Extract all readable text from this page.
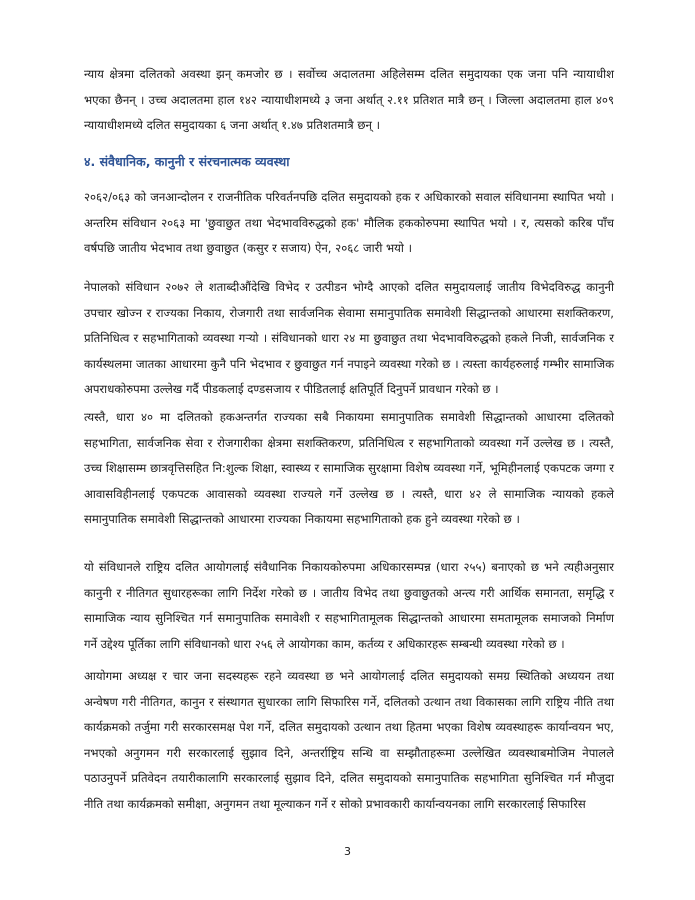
न्याय क्षेत्रमा दलितको अवस्था झन् कमजोर छ । सर्वोच्च अदालतमा अहिलेसम्म दलित समुदायका एक जना पनि न्यायाधीश भएका छैनन् । उच्च अदालतमा हाल १४२ न्यायाधीशमध्ये ३ जना अर्थात् २.११ प्रतिशत मात्रै छन् । जिल्ला अदालतमा हाल ४०९ न्यायाधीशमध्ये दलित समुदायका ६ जना अर्थात् १.४७ प्रतिशतमात्रै छन् ।

४. संवैधानिक, कानुनी र संरचनात्मक व्यवस्था

२०६२/०६३ को जनआन्दोलन र राजनीतिक परिवर्तनपछि दलित समुदायको हक र अधिकारको सवाल संविधानमा स्थापित भयो । अन्तरिम संविधान २०६३ मा 'छुवाछुत तथा भेदभावविरुद्धको हक' मौलिक हककोरुपमा स्थापित भयो । र, त्यसको करिब पाँच वर्षपछि जातीय भेदभाव तथा छुवाछुत (कसुर र सजाय) ऐन, २०६८ जारी भयो ।

नेपालको संविधान २०७२ ले शताब्दीऔंदेखि विभेद र उत्पीडन भोग्दै आएको दलित समुदायलाई जातीय विभेदविरुद्ध कानुनी उपचार खोज्न र राज्यका निकाय, रोजगारी तथा सार्वजनिक सेवामा समानुपातिक समावेशी सिद्धान्तको आधारमा सशक्तिकरण, प्रतिनिधित्व र सहभागिताको व्यवस्था गर्‍यो । संविधानको धारा २४ मा छुवाछुत तथा भेदभावविरुद्धको हकले निजी, सार्वजनिक र कार्यस्थलमा जातका आधारमा कुनै पनि भेदभाव र छुवाछुत गर्न नपाइने व्यवस्था गरेको छ । त्यस्ता कार्यहरुलाई गम्भीर सामाजिक अपराधकोरुपमा उल्लेख गर्दै पीडकलाई दण्डसजाय र पीडितलाई क्षतिपूर्ति दिनुपर्ने प्रावधान गरेको छ ।

त्यस्तै, धारा ४० मा दलितको हकअन्तर्गत राज्यका सबै निकायमा समानुपातिक समावेशी सिद्धान्तको आधारमा दलितको सहभागिता, सार्वजनिक सेवा र रोजगारीका क्षेत्रमा सशक्तिकरण, प्रतिनिधित्व र सहभागिताको व्यवस्था गर्ने उल्लेख छ । त्यस्तै, उच्च शिक्षासम्म छात्रवृत्तिसहित नि:शुल्क शिक्षा, स्वास्थ्य र सामाजिक सुरक्षामा विशेष व्यवस्था गर्ने, भूमिहीनलाई एकपटक जग्गा र आवासविहीनलाई एकपटक आवासको व्यवस्था राज्यले गर्ने उल्लेख छ । त्यस्तै, धारा ४२ ले सामाजिक न्यायको हकले समानुपातिक समावेशी सिद्धान्तको आधारमा राज्यका निकायमा सहभागिताको हक हुने व्यवस्था गरेको छ ।

यो संविधानले राष्ट्रिय दलित आयोगलाई संवैधानिक निकायकोरुपमा अधिकारसम्पन्न (धारा २५५) बनाएको छ भने त्यहीअनुसार कानुनी र नीतिगत सुधारहरूका लागि निर्देश गरेको छ । जातीय विभेद तथा छुवाछुतको अन्त्य गरी आर्थिक समानता, समृद्धि र सामाजिक न्याय सुनिश्चित गर्न समानुपातिक समावेशी र सहभागितामूलक सिद्धान्तको आधारमा समतामूलक समाजको निर्माण गर्ने उद्देश्य पूर्तिका लागि संविधानको धारा २५६ ले आयोगका काम, कर्तव्य र अधिकारहरू सम्बन्धी व्यवस्था गरेको छ ।

आयोगमा अध्यक्ष र चार जना सदस्यहरू रहने व्यवस्था छ भने आयोगलाई दलित समुदायको समग्र स्थितिको अध्ययन तथा अन्वेषण गरी नीतिगत, कानुन र संस्थागत सुधारका लागि सिफारिस गर्ने, दलितको उत्थान तथा विकासका लागि राष्ट्रिय नीति तथा कार्यक्रमको तर्जुमा गरी सरकारसमक्ष पेश गर्ने, दलित समुदायको उत्थान तथा हितमा भएका विशेष व्यवस्थाहरू कार्यान्वयन भए, नभएको अनुगमन गरी सरकारलाई सुझाव दिने, अन्तर्राष्ट्रिय सन्धि वा सम्झौताहरूमा उल्लेखित व्यवस्थाबमोजिम नेपालले पठाउनुपर्ने प्रतिवेदन तयारीकालागि सरकारलाई सुझाव दिने, दलित समुदायको समानुपातिक सहभागिता सुनिश्चित गर्न मौजुदा नीति तथा कार्यक्रमको समीक्षा, अनुगमन तथा मूल्याकन गर्ने र सोको प्रभावकारी कार्यान्वयनका लागि सरकारलाई सिफारिस

3
